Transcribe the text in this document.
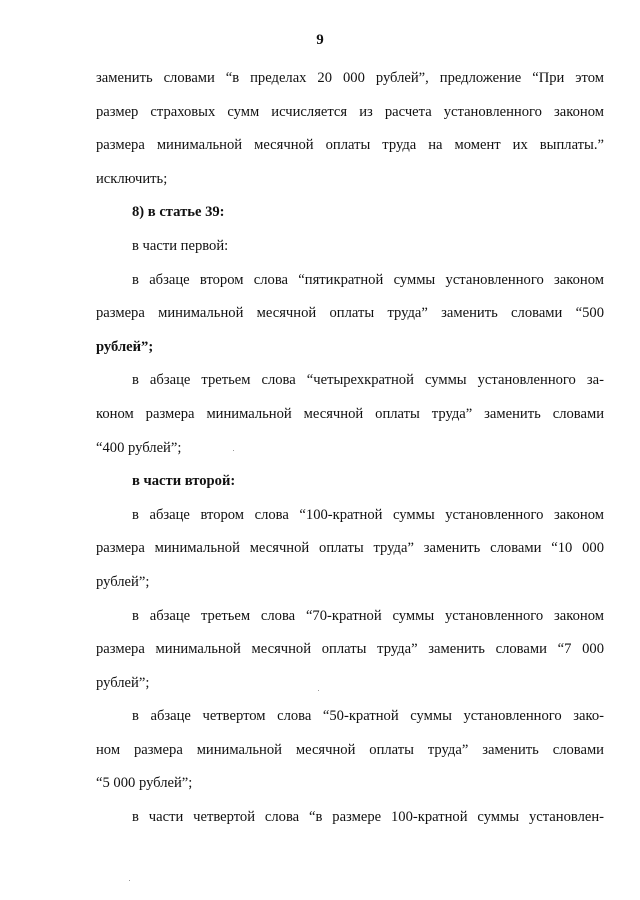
9
заменить словами “в пределах 20 000 рублей”, предложение “При этом
размер страховых сумм исчисляется из расчета установленного законом
размера минимальной месячной оплаты труда на момент их выплаты.”
исключить;
8) в статье 39:
в части первой:
в абзаце втором слова “пятикратной суммы установленного законом
размера минимальной месячной оплаты труда” заменить словами “500
рублей”;
в абзаце третьем слова “четырехкратной суммы установленного за-
коном размера минимальной месячной оплаты труда” заменить словами
“400 рублей”;
в части второй:
в абзаце втором слова “100-кратной суммы установленного законом
размера минимальной месячной оплаты труда” заменить словами “10 000
рублей”;
в абзаце третьем слова “70-кратной суммы установленного законом
размера минимальной месячной оплаты труда” заменить словами “7 000
рублей”;
в абзаце четвертом слова “50-кратной суммы установленного зако-
ном размера минимальной месячной оплаты труда” заменить словами
“5 000 рублей”;
в части четвертой слова “в размере 100-кратной суммы установлен-
